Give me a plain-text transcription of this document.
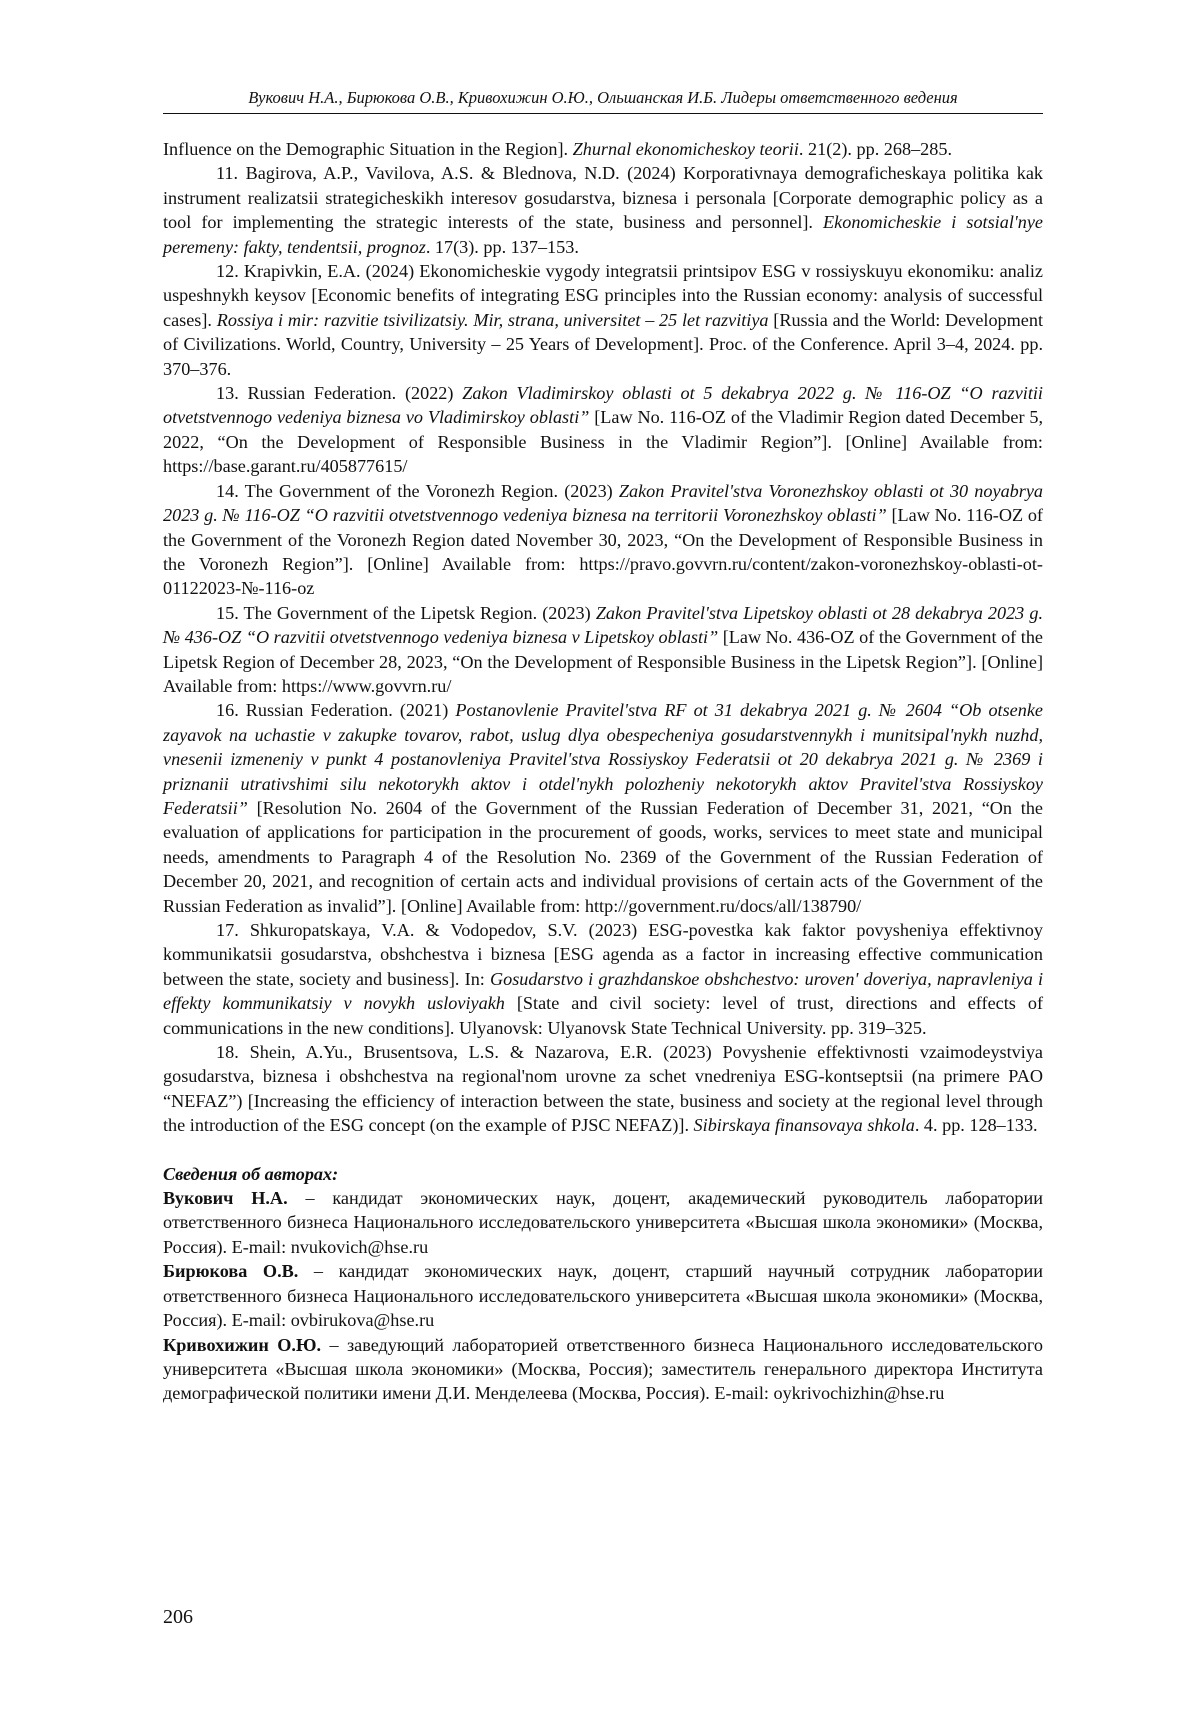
Вукович Н.А., Бирюкова О.В., Кривохижин О.Ю., Ольшанская И.Б. Лидеры ответственного ведения

Influence on the Demographic Situation in the Region]. Zhurnal ekonomicheskoy teorii. 21(2). pp. 268–285.

11. Bagirova, A.P., Vavilova, A.S. & Blednova, N.D. (2024) Korporativnaya demograficheskaya politika kak instrument realizatsii strategicheskikh interesov gosudarstva, biznesa i personala [Corporate demographic policy as a tool for implementing the strategic interests of the state, business and personnel]. Ekonomicheskie i sotsial'nye peremeny: fakty, tendentsii, prognoz. 17(3). pp. 137–153.

12. Krapivkin, E.A. (2024) Ekonomicheskie vygody integratsii printsipov ESG v rossiyskuyu ekonomiku: analiz uspeshnykh keysov [Economic benefits of integrating ESG principles into the Russian economy: analysis of successful cases]. Rossiya i mir: razvitie tsivilizatsiy. Mir, strana, universitet – 25 let razvitiya [Russia and the World: Development of Civilizations. World, Country, University – 25 Years of Development]. Proc. of the Conference. April 3–4, 2024. pp. 370–376.

13. Russian Federation. (2022) Zakon Vladimirskoy oblasti ot 5 dekabrya 2022 g. № 116-OZ “O razvitii otvetstvennogo vedeniya biznesa vo Vladimirskoy oblasti” [Law No. 116-OZ of the Vladimir Region dated December 5, 2022, “On the Development of Responsible Business in the Vladimir Region”]. [Online] Available from: https://base.garant.ru/405877615/

14. The Government of the Voronezh Region. (2023) Zakon Pravitel'stva Voronezhskoy oblasti ot 30 noyabrya 2023 g. № 116-OZ “O razvitii otvetstvennogo vedeniya biznesa na territorii Voronezhskoy oblasti” [Law No. 116-OZ of the Government of the Voronezh Region dated November 30, 2023, “On the Development of Responsible Business in the Voronezh Region”]. [Online] Available from: https://pravo.govvrn.ru/content/zakon-voronezhskoy-oblasti-ot-01122023-№-116-oz

15. The Government of the Lipetsk Region. (2023) Zakon Pravitel'stva Lipetskoy oblasti ot 28 dekabrya 2023 g. № 436-OZ “O razvitii otvetstvennogo vedeniya biznesa v Lipetskoy oblasti” [Law No. 436-OZ of the Government of the Lipetsk Region of December 28, 2023, “On the Development of Responsible Business in the Lipetsk Region”]. [Online] Available from: https://www.govvrn.ru/

16. Russian Federation. (2021) Postanovlenie Pravitel'stva RF ot 31 dekabrya 2021 g. № 2604 “Ob otsenke zayavok na uchastie v zakupke tovarov, rabot, uslug dlya obespecheniya gosudarstvennykh i munitsipal'nykh nuzhd, vnesenii izmeneniy v punkt 4 postanovleniya Pravitel'stva Rossiyskoy Federatsii ot 20 dekabrya 2021 g. № 2369 i priznanii utrativshimi silu nekotorykh aktov i otdel'nykh polozheniy nekotorykh aktov Pravitel'stva Rossiyskoy Federatsii” [Resolution No. 2604 of the Government of the Russian Federation of December 31, 2021, “On the evaluation of applications for participation in the procurement of goods, works, services to meet state and municipal needs, amendments to Paragraph 4 of the Resolution No. 2369 of the Government of the Russian Federation of December 20, 2021, and recognition of certain acts and individual provisions of certain acts of the Government of the Russian Federation as invalid”]. [Online] Available from: http://government.ru/docs/all/138790/

17. Shkuropatskaya, V.A. & Vodopedov, S.V. (2023) ESG-povestka kak faktor povysheniya effektivnoy kommunikatsii gosudarstva, obshchestva i biznesa [ESG agenda as a factor in increasing effective communication between the state, society and business]. In: Gosudarstvo i grazhdanskoe obshchestvo: uroven' doveriya, napravleniya i effekty kommunikatsiy v novykh usloviyakh [State and civil society: level of trust, directions and effects of communications in the new conditions]. Ulyanovsk: Ulyanovsk State Technical University. pp. 319–325.

18. Shein, A.Yu., Brusentsova, L.S. & Nazarova, E.R. (2023) Povyshenie effektivnosti vzaimodeystviya gosudarstva, biznesa i obshchestva na regional'nom urovne za schet vnedreniya ESG-kontseptsii (na primere PAO “NEFAZ”) [Increasing the efficiency of interaction between the state, business and society at the regional level through the introduction of the ESG concept (on the example of PJSC NEFAZ)]. Sibirskaya finansovaya shkola. 4. pp. 128–133.

Сведения об авторах:

Вукович Н.А. – кандидат экономических наук, доцент, академический руководитель лаборатории ответственного бизнеса Национального исследовательского университета «Высшая школа экономики» (Москва, Россия). E-mail: nvukovich@hse.ru

Бирюкова О.В. – кандидат экономических наук, доцент, старший научный сотрудник лаборатории ответственного бизнеса Национального исследовательского университета «Высшая школа экономики» (Москва, Россия). E-mail: ovbirukova@hse.ru

Кривохижин О.Ю. – заведующий лабораторией ответственного бизнеса Национального исследовательского университета «Высшая школа экономики» (Москва, Россия); заместитель генерального директора Института демографической политики имени Д.И. Менделеева (Москва, Россия). E-mail: oykrivochizhin@hse.ru

206
